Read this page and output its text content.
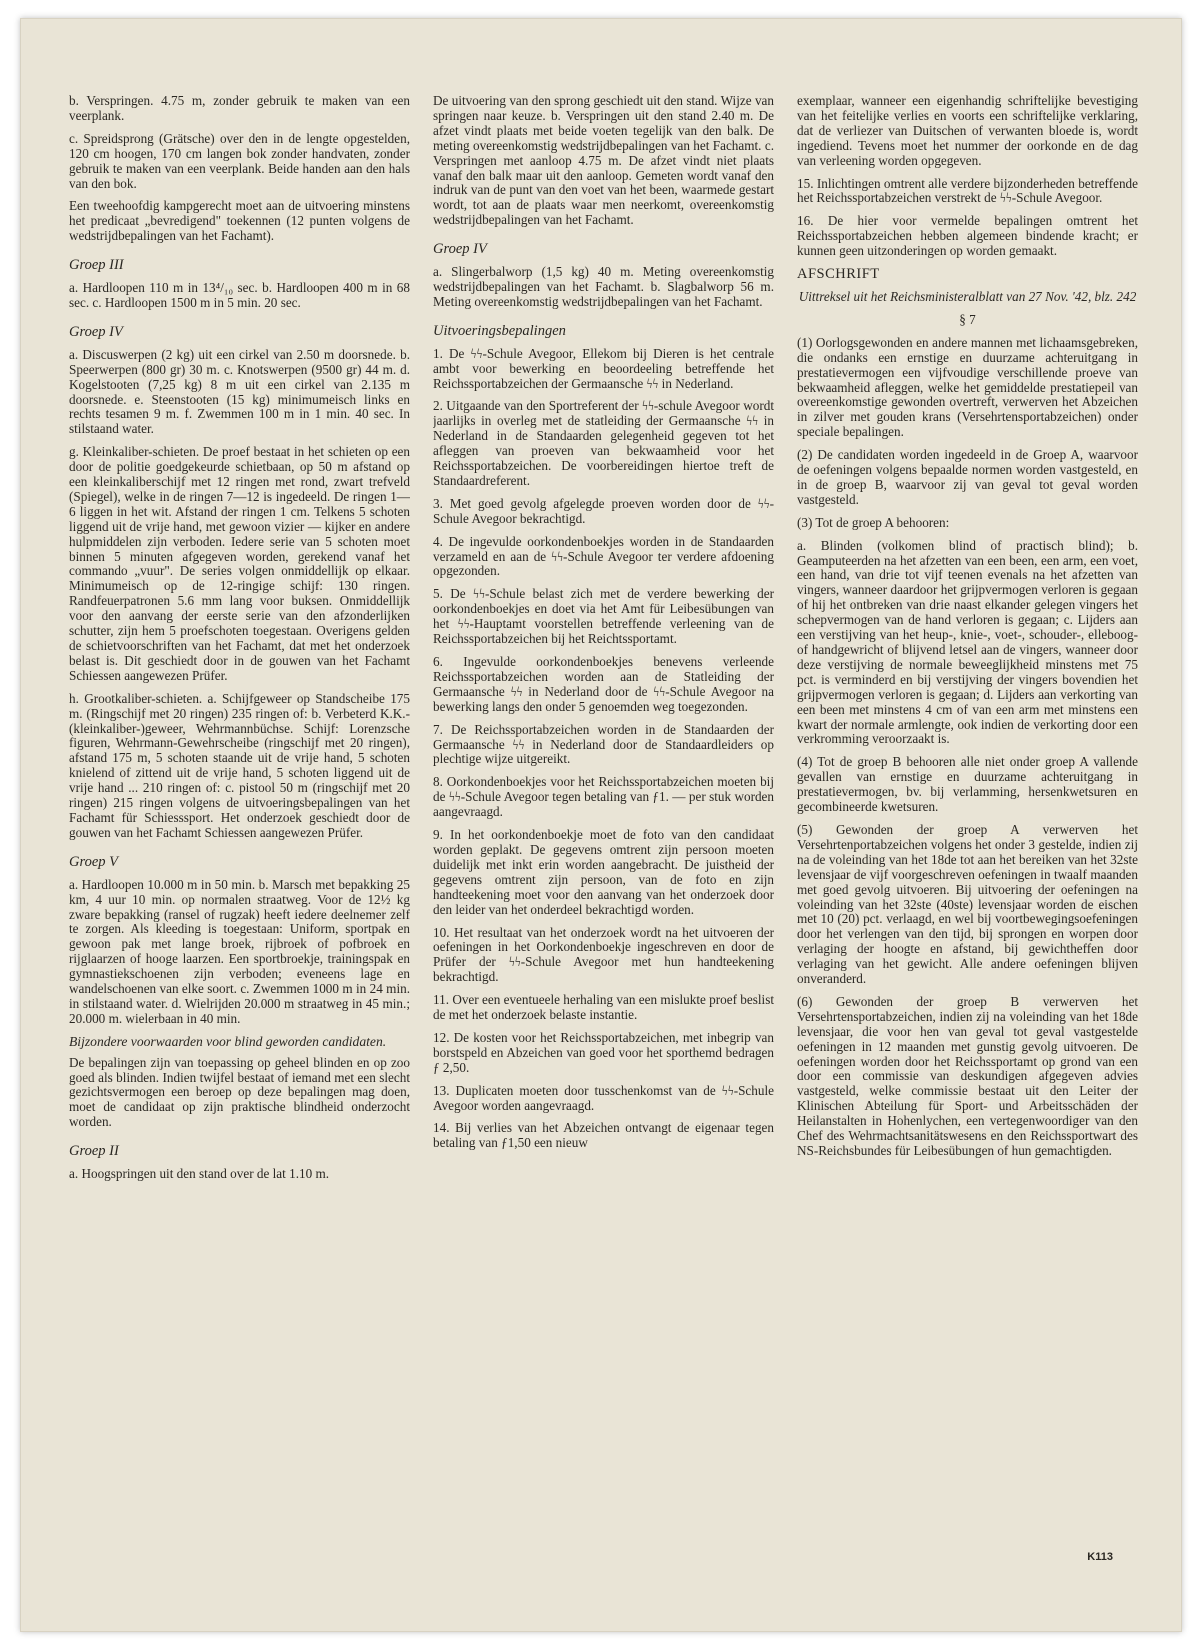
b. Verspringen. 4.75 m, zonder gebruik te maken van een veerplank.

c. Spreidsprong (Grätsche) over den in de lengte opgestelden, 120 cm hoogen, 170 cm langen bok zonder handvaten, zonder gebruik te maken van een veerplank. Beide handen aan den hals van den bok.

Een tweehoofdig kampgerecht moet aan de uitvoering minstens het predicaat „bevredigend" toekennen (12 punten volgens de wedstrijdbepalingen van het Fachamt).

Groep III

a. Hardloopen 110 m in 13⁴/₁₀ sec. b. Hardloopen 400 m in 68 sec. c. Hardloopen 1500 m in 5 min. 20 sec.

Groep IV

a. Discuswerpen (2 kg) uit een cirkel van 2.50 m doorsnede. b. Speerwerpen (800 gr) 30 m. c. Knotswerpen (9500 gr) 44 m. d. Kogelstooten (7,25 kg) 8 m uit een cirkel van 2.135 m doorsnede. e. Steenstooten (15 kg) minimumeisch links en rechts tesamen 9 m. f. Zwemmen 100 m in 1 min. 40 sec. In stilstaand water.

g. Kleinkaliber-schieten. De proef bestaat in het schieten op een door de politie goedgekeurde schietbaan, op 50 m afstand op een kleinkaliberschijf met 12 ringen met rond, zwart trefveld (Spiegel), welke in de ringen 7—12 is ingedeeld. De ringen 1—6 liggen in het wit. Afstand der ringen 1 cm. Telkens 5 schoten liggend uit de vrije hand, met gewoon vizier — kijker en andere hulpmiddelen zijn verboden. Iedere serie van 5 schoten moet binnen 5 minuten afgegeven worden, gerekend vanaf het commando „vuur". De series volgen onmiddellijk op elkaar. Minimumeisch op de 12-ringige schijf: 130 ringen. Randfeuerpatronen 5.6 mm lang voor buksen. Onmiddellijk voor den aanvang der eerste serie van den afzonderlijken schutter, zijn hem 5 proefschoten toegestaan. Overigens gelden de schietvoorschriften van het Fachamt, dat met het onderzoek belast is. Dit geschiedt door in de gouwen van het Fachamt Schiessen aangewezen Prüfer.

h. Grootkaliber-schieten. a. Schijfgeweer op Standscheibe 175 m. (Ringschijf met 20 ringen) 235 ringen of: b. Verbeterd K.K.- (kleinkaliber-)geweer, Wehrmannbüchse. Schijf: Lorenzsche figuren, Wehrmann-Gewehrscheibe (ringschijf met 20 ringen), afstand 175 m, 5 schoten staande uit de vrije hand, 5 schoten knielend of zittend uit de vrije hand, 5 schoten liggend uit de vrije hand ... 210 ringen of: c. pistool 50 m (ringschijf met 20 ringen) 215 ringen volgens de uitvoeringsbepalingen van het Fachamt für Schiesssport. Het onderzoek geschiedt door de gouwen van het Fachamt Schiessen aangewezen Prüfer.

Groep V

a. Hardloopen 10.000 m in 50 min. b. Marsch met bepakking 25 km, 4 uur 10 min. op normalen straatweg. Voor de 12½ kg zware bepakking (ransel of rugzak) heeft iedere deelnemer zelf te zorgen. Als kleeding is toegestaan: Uniform, sportpak en gewoon pak met lange broek, rijbroek of pofbroek en rijglaarzen of hooge laarzen. Een sportbroekje, trainingspak en gymnastiekschoenen zijn verboden; eveneens lage en wandelschoenen van elke soort. c. Zwemmen 1000 m in 24 min. in stilstaand water. d. Wielrijden 20.000 m straatweg in 45 min.; 20.000 m. wielerbaan in 40 min.

Bijzondere voorwaarden voor blind geworden candidaten.

De bepalingen zijn van toepassing op geheel blinden en op zoo goed als blinden. Indien twijfel bestaat of iemand met een slecht gezichtsvermogen een beroep op deze bepalingen mag doen, moet de candidaat op zijn praktische blindheid onderzocht worden.

Groep II

a. Hoogspringen uit den stand over de lat 1.10 m.

De uitvoering van den sprong geschiedt uit den stand. Wijze van springen naar keuze. b. Verspringen uit den stand 2.40 m. De afzet vindt plaats met beide voeten tegelijk van den balk. De meting overeenkomstig wedstrijdbepalingen van het Fachamt. c. Verspringen met aanloop 4.75 m. De afzet vindt niet plaats vanaf den balk maar uit den aanloop. Gemeten wordt vanaf den indruk van de punt van den voet van het been, waarmede gestart wordt, tot aan de plaats waar men neerkomt, overeenkomstig wedstrijdbepalingen van het Fachamt.

Groep IV

a. Slingerbalworp (1,5 kg) 40 m. Meting overeenkomstig wedstrijdbepalingen van het Fachamt. b. Slagbalworp 56 m. Meting overeenkomstig wedstrijdbepalingen van het Fachamt.

Uitvoeringsbepalingen

1. De ϟϟ-Schule Avegoor, Ellekom bij Dieren is het centrale ambt voor bewerking en beoordeeling betreffende het Reichssportabzeichen der Germaansche ϟϟ in Nederland.

2. Uitgaande van den Sportreferent der ϟϟ-schule Avegoor wordt jaarlijks in overleg met de statleiding der Germaansche ϟϟ in Nederland in de Standaarden gelegenheid gegeven tot het afleggen van proeven van bekwaamheid voor het Reichssportabzeichen. De voorbereidingen hiertoe treft de Standaardreferent.

3. Met goed gevolg afgelegde proeven worden door de ϟϟ-Schule Avegoor bekrachtigd.

4. De ingevulde oorkondenboekjes worden in de Standaarden verzameld en aan de ϟϟ-Schule Avegoor ter verdere afdoening opgezonden.

5. De ϟϟ-Schule belast zich met de verdere bewerking der oorkondenboekjes en doet via het Amt für Leibesübungen van het ϟϟ-Hauptamt voorstellen betreffende verleening van de Reichssportabzeichen bij het Reichtssportamt.

6. Ingevulde oorkondenboekjes benevens verleende Reichssportabzeichen worden aan de Statleiding der Germaansche ϟϟ in Nederland door de ϟϟ-Schule Avegoor na bewerking langs den onder 5 genoemden weg toegezonden.

7. De Reichssportabzeichen worden in de Standaarden der Germaansche ϟϟ in Nederland door de Standaardleiders op plechtige wijze uitgereikt.

8. Oorkondenboekjes voor het Reichssportabzeichen moeten bij de ϟϟ-Schule Avegoor tegen betaling van ƒ1. — per stuk worden aangevraagd.

9. In het oorkondenboekje moet de foto van den candidaat worden geplakt. De gegevens omtrent zijn persoon moeten duidelijk met inkt erin worden aangebracht. De juistheid der gegevens omtrent zijn persoon, van de foto en zijn handteekening moet voor den aanvang van het onderzoek door den leider van het onderdeel bekrachtigd worden.

10. Het resultaat van het onderzoek wordt na het uitvoeren der oefeningen in het Oorkondenboekje ingeschreven en door de Prüfer der ϟϟ-Schule Avegoor met hun handteekening bekrachtigd.

11. Over een eventueele herhaling van een mislukte proef beslist de met het onderzoek belaste instantie.

12. De kosten voor het Reichssportabzeichen, met inbegrip van borstspeld en Abzeichen van goed voor het sporthemd bedragen ƒ 2,50.

13. Duplicaten moeten door tusschenkomst van de ϟϟ-Schule Avegoor worden aangevraagd.

14. Bij verlies van het Abzeichen ontvangt de eigenaar tegen betaling van ƒ1,50 een nieuw

exemplaar, wanneer een eigenhandig schriftelijke bevestiging van het feitelijke verlies en voorts een schriftelijke verklaring, dat de verliezer van Duitschen of verwanten bloede is, wordt ingediend. Tevens moet het nummer der oorkonde en de dag van verleening worden opgegeven.

15. Inlichtingen omtrent alle verdere bijzonderheden betreffende het Reichssportabzeichen verstrekt de ϟϟ-Schule Avegoor.

16. De hier voor vermelde bepalingen omtrent het Reichssportabzeichen hebben algemeen bindende kracht; er kunnen geen uitzonderingen op worden gemaakt.

AFSCHRIFT

Uittreksel uit het Reichsministeralblatt van 27 Nov. '42, blz. 242

§ 7

(1) Oorlogsgewonden en andere mannen met lichaamsgebreken, die ondanks een ernstige en duurzame achteruitgang in prestatievermogen een vijfvoudige verschillende proeve van bekwaamheid afleggen, welke het gemiddelde prestatiepeil van overeenkomstige gewonden overtreft, verwerven het Abzeichen in zilver met gouden krans (Versehrtensportabzeichen) onder speciale bepalingen.

(2) De candidaten worden ingedeeld in de Groep A, waarvoor de oefeningen volgens bepaalde normen worden vastgesteld, en in de groep B, waarvoor zij van geval tot geval worden vastgesteld.

(3) Tot de groep A behooren:

a. Blinden (volkomen blind of practisch blind); b. Geamputeerden na het afzetten van een been, een arm, een voet, een hand, van drie tot vijf teenen evenals na het afzetten van vingers, wanneer daardoor het grijpvermogen verloren is gegaan of hij het ontbreken van drie naast elkander gelegen vingers het schepvermogen van de hand verloren is gegaan; c. Lijders aan een verstijving van het heup-, knie-, voet-, schouder-, elleboog- of handgewricht of blijvend letsel aan de vingers, wanneer door deze verstijving de normale beweeglijkheid minstens met 75 pct. is verminderd en bij verstijving der vingers bovendien het grijpvermogen verloren is gegaan; d. Lijders aan verkorting van een been met minstens 4 cm of van een arm met minstens een kwart der normale armlengte, ook indien de verkorting door een verkromming veroorzaakt is.

(4) Tot de groep B behooren alle niet onder groep A vallende gevallen van ernstige en duurzame achteruitgang in prestatievermogen, bv. bij verlamming, hersenkwetsuren en gecombineerde kwetsuren.

(5) Gewonden der groep A verwerven het Versehrtenportabzeichen volgens het onder 3 gestelde, indien zij na de voleinding van het 18de tot aan het bereiken van het 32ste levensjaar de vijf voorgeschreven oefeningen in twaalf maanden met goed gevolg uitvoeren. Bij uitvoering der oefeningen na voleinding van het 32ste (40ste) levensjaar worden de eischen met 10 (20) pct. verlaagd, en wel bij voortbewegingsoefeningen door het verlengen van den tijd, bij sprongen en worpen door verlaging der hoogte en afstand, bij gewichtheffen door verlaging van het gewicht. Alle andere oefeningen blijven onveranderd.

(6) Gewonden der groep B verwerven het Versehrtensportabzeichen, indien zij na voleinding van het 18de levensjaar, die voor hen van geval tot geval vastgestelde oefeningen in 12 maanden met gunstig gevolg uitvoeren. De oefeningen worden door het Reichssportamt op grond van een door een commissie van deskundigen afgegeven advies vastgesteld, welke commissie bestaat uit den Leiter der Klinischen Abteilung für Sport- und Arbeitsschäden der Heilanstalten in Hohenlychen, een vertegenwoordiger van den Chef des Wehrmachtsanitätswesens en den Reichssportwart des NS-Reichsbundes für Leibesübungen of hun gemachtigden.

K113
